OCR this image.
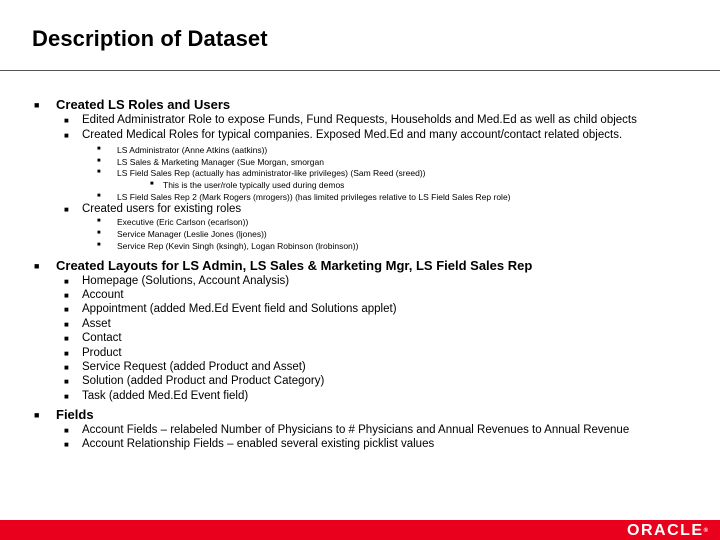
Description of Dataset
■ Created LS Roles and Users
■ Edited Administrator Role to expose Funds, Fund Requests, Households and Med.Ed as well as child objects
■ Created Medical Roles for typical companies. Exposed Med.Ed and many account/contact related objects.
■ LS Administrator (Anne Atkins (aatkins))
■ LS Sales & Marketing Manager (Sue Morgan, smorgan
■ LS Field Sales Rep (actually has administrator-like privileges) (Sam Reed (sreed))
■ This is the user/role typically used during demos
■ LS Field Sales Rep 2 (Mark Rogers (mrogers)) (has limited privileges relative to LS Field Sales Rep role)
■ Created users for existing roles
■ Executive (Eric Carlson (ecarlson))
■ Service Manager (Leslie Jones (ljones))
■ Service Rep (Kevin Singh (ksingh), Logan Robinson (lrobinson))
■ Created Layouts for LS Admin, LS Sales & Marketing Mgr, LS Field Sales Rep
■ Homepage (Solutions, Account Analysis)
■ Account
■ Appointment (added Med.Ed Event field and Solutions applet)
■ Asset
■ Contact
■ Product
■ Service Request (added Product and Asset)
■ Solution (added Product and Product Category)
■ Task (added Med.Ed Event field)
■ Fields
■ Account Fields – relabeled Number of Physicians to # Physicians and Annual Revenues to Annual Revenue
■ Account Relationship Fields – enabled several existing picklist values
ORACLE®
